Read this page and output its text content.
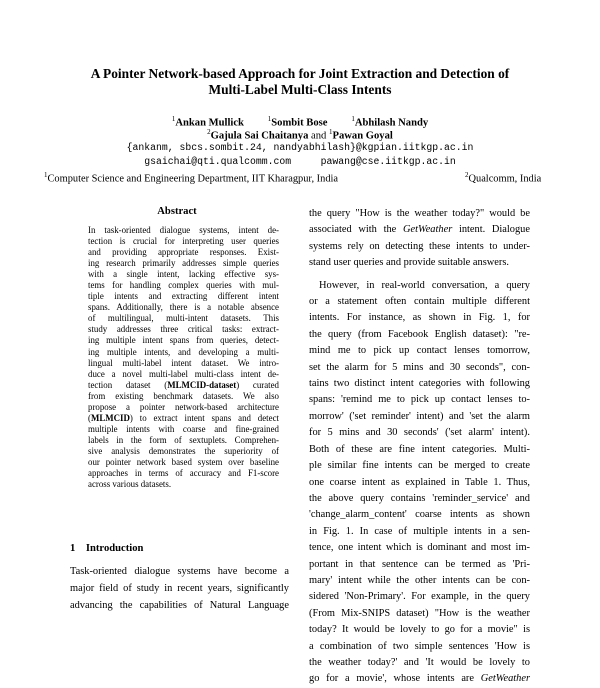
A Pointer Network-based Approach for Joint Extraction and Detection of
Multi-Label Multi-Class Intents
$^1$Ankan Mullick	$^1$Sombit Bose	$^1$Abhilash Nandy
$^2$Gajula Sai Chaitanya and $^1$Pawan Goyal
{ankanm, sbcs.sombit.24, nandyabhilash}@kgpian.iitkgp.ac.in
gsaichai@qti.qualcomm.com	pawang@cse.iitkgp.ac.in
$^1$Computer Science and Engineering Department, IIT Kharagpur, India	$^2$Qualcomm, India
Abstract
In task-oriented dialogue systems, intent de-
tection is crucial for interpreting user queries
and providing appropriate responses. Exist-
ing research primarily addresses simple queries
with a single intent, lacking effective sys-
tems for handling complex queries with mul-
tiple intents and extracting different intent
spans. Additionally, there is a notable absence
of multilingual, multi-intent datasets. This
study addresses three critical tasks: extract-
ing multiple intent spans from queries, detect-
ing multiple intents, and developing a multi-
lingual multi-label intent dataset. We intro-
duce a novel multi-label multi-class intent de-
tection dataset (MLMCID-dataset) curated
from existing benchmark datasets. We also
propose a pointer network-based architecture
(MLMCID) to extract intent spans and detect
multiple intents with coarse and fine-grained
labels in the form of sextuplets. Comprehen-
sive analysis demonstrates the superiority of
our pointer network based system over baseline
approaches in terms of accuracy and F1-score
across various datasets.
1 Introduction
Task-oriented dialogue systems have become a
major field of study in recent years, significantly
advancing the capabilities of Natural Language
the query "How is the weather today?" would be
associated with the GetWeather intent. Dialogue
systems rely on detecting these intents to under-
stand user queries and provide suitable answers.
However, in real-world conversation, a query
or a statement often contain multiple different
intents. For instance, as shown in Fig. 1, for
the query (from Facebook English dataset): "re-
mind me to pick up contact lenses tomorrow,
set the alarm for 5 mins and 30 seconds", con-
tains two distinct intent categories with following
spans: 'remind me to pick up contact lenses to-
morrow' ('set reminder' intent) and 'set the alarm
for 5 mins and 30 seconds' ('set alarm' intent).
Both of these are fine intent categories. Multi-
ple similar fine intents can be merged to create
one coarse intent as explained in Table 1. Thus,
the above query contains 'reminder_service' and
'change_alarm_content' coarse intents as shown
in Fig. 1. In case of multiple intents in a sen-
tence, one intent which is dominant and most im-
portant in that sentence can be termed as 'Pri-
mary' intent while the other intents can be con-
sidered 'Non-Primary'. For example, in the query
(From Mix-SNIPS dataset) "How is the weather
today? It would be lovely to go for a movie" is
a combination of two simple sentences 'How is
the weather today?' and 'It would be lovely to
go for a movie', whose intents are GetWeather
